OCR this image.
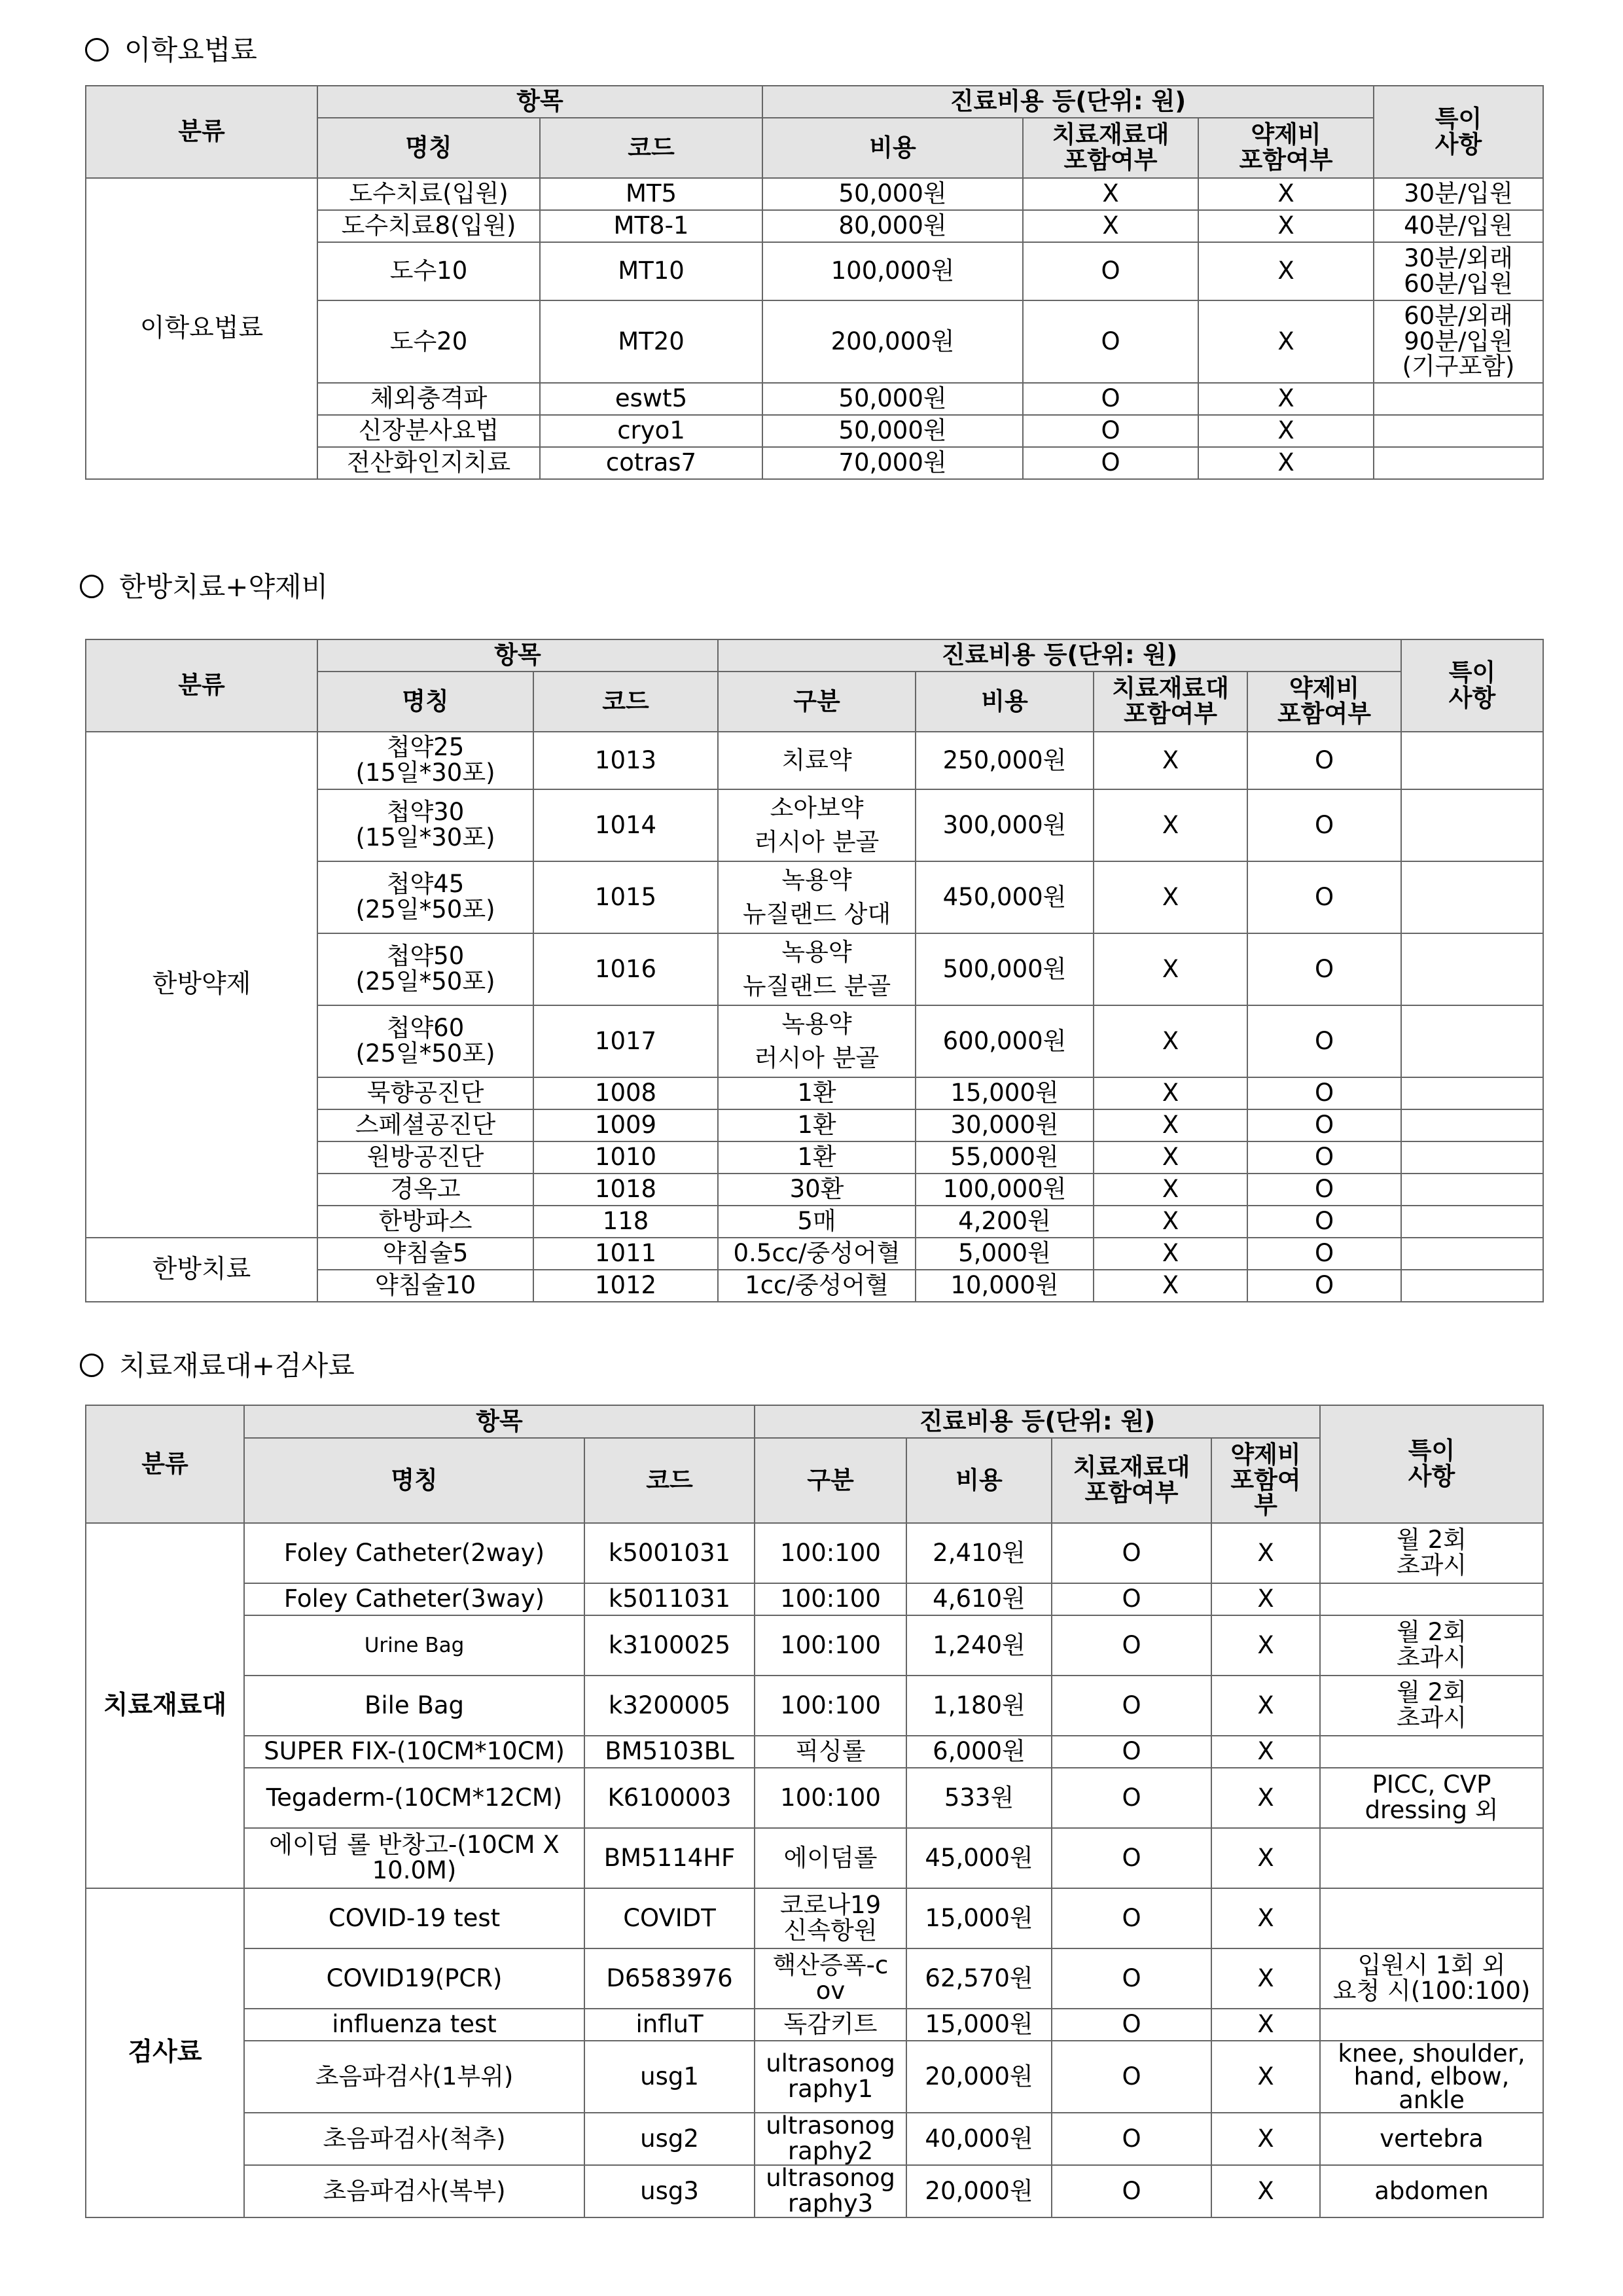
이학요법료
분류	항목		진료비용 등(단위: 원)			특이
사항
	명칭	코드	비용	치료재료대
포함여부	약제비
포함여부	
이학요법료	도수치료(입원)	MT5	50,000원	X	X	30분/입원
	도수치료8(입원)	MT8-1	80,000원	X	X	40분/입원
	도수10	MT10	100,000원	O	X	30분/외래
60분/입원
	도수20	MT20	200,000원	O	X	60분/외래
90분/입원
(기구포함)
	체외충격파	eswt5	50,000원	O	X	
	신장분사요법	cryo1	50,000원	O	X	
	전산화인지치료	cotras7	70,000원	O	X	
한방치료+약제비
분류	항목		진료비용 등(단위: 원)				특이
사항
	명칭	코드	구분	비용	치료재료대
포함여부	약제비
포함여부	
한방약제	첩약25
(15일*30포)	1013	치료약	250,000원	X	O	
	첩약30
(15일*30포)	1014	소아보약
러시아 분골	300,000원	X	O	
	첩약45
(25일*50포)	1015	녹용약
뉴질랜드 상대	450,000원	X	O	
	첩약50
(25일*50포)	1016	녹용약
뉴질랜드 분골	500,000원	X	O	
	첩약60
(25일*50포)	1017	녹용약
러시아 분골	600,000원	X	O	
	묵향공진단	1008	1환	15,000원	X	O	
	스페셜공진단	1009	1환	30,000원	X	O	
	원방공진단	1010	1환	55,000원	X	O	
	경옥고	1018	30환	100,000원	X	O	
	한방파스	118	5매	4,200원	X	O	
한방치료	약침술5	1011	0.5cc/중성어혈	5,000원	X	O	
	약침술10	1012	1cc/중성어혈	10,000원	X	O	
치료재료대+검사료
분류	항목		진료비용 등(단위: 원)				특이
사항
	명칭	코드	구분	비용	치료재료대
포함여부	약제비
포함여
부	
치료재료대	Foley Catheter(2way)	k5001031	100:100	2,410원	O	X	월 2회
초과시
	Foley Catheter(3way)	k5011031	100:100	4,610원	O	X	
	Urine Bag	k3100025	100:100	1,240원	O	X	월 2회
초과시
	Bile Bag	k3200005	100:100	1,180원	O	X	월 2회
초과시
	SUPER FIX-(10CM*10CM)	BM5103BL	픽싱롤	6,000원	O	X	
	Tegaderm-(10CM*12CM)	K6100003	100:100	533원	O	X	PICC, CVP
dressing 외
	에이덤 롤 반창고-(10CM X
10.0M)	BM5114HF	에이덤롤	45,000원	O	X	
검사료	COVID-19 test	COVIDT	코로나19
신속항원	15,000원	O	X	
	COVID19(PCR)	D6583976	핵산증폭-c
ov	62,570원	O	X	입원시 1회 외
요청 시(100:100)
	influenza test	influT	독감키트	15,000원	O	X	
	초음파검사(1부위)	usg1	ultrasonog
raphy1	20,000원	O	X	knee, shoulder,
hand, elbow,
ankle
	초음파검사(척추)	usg2	ultrasonog
raphy2	40,000원	O	X	vertebra
	초음파검사(복부)	usg3	ultrasonog
raphy3	20,000원	O	X	abdomen
